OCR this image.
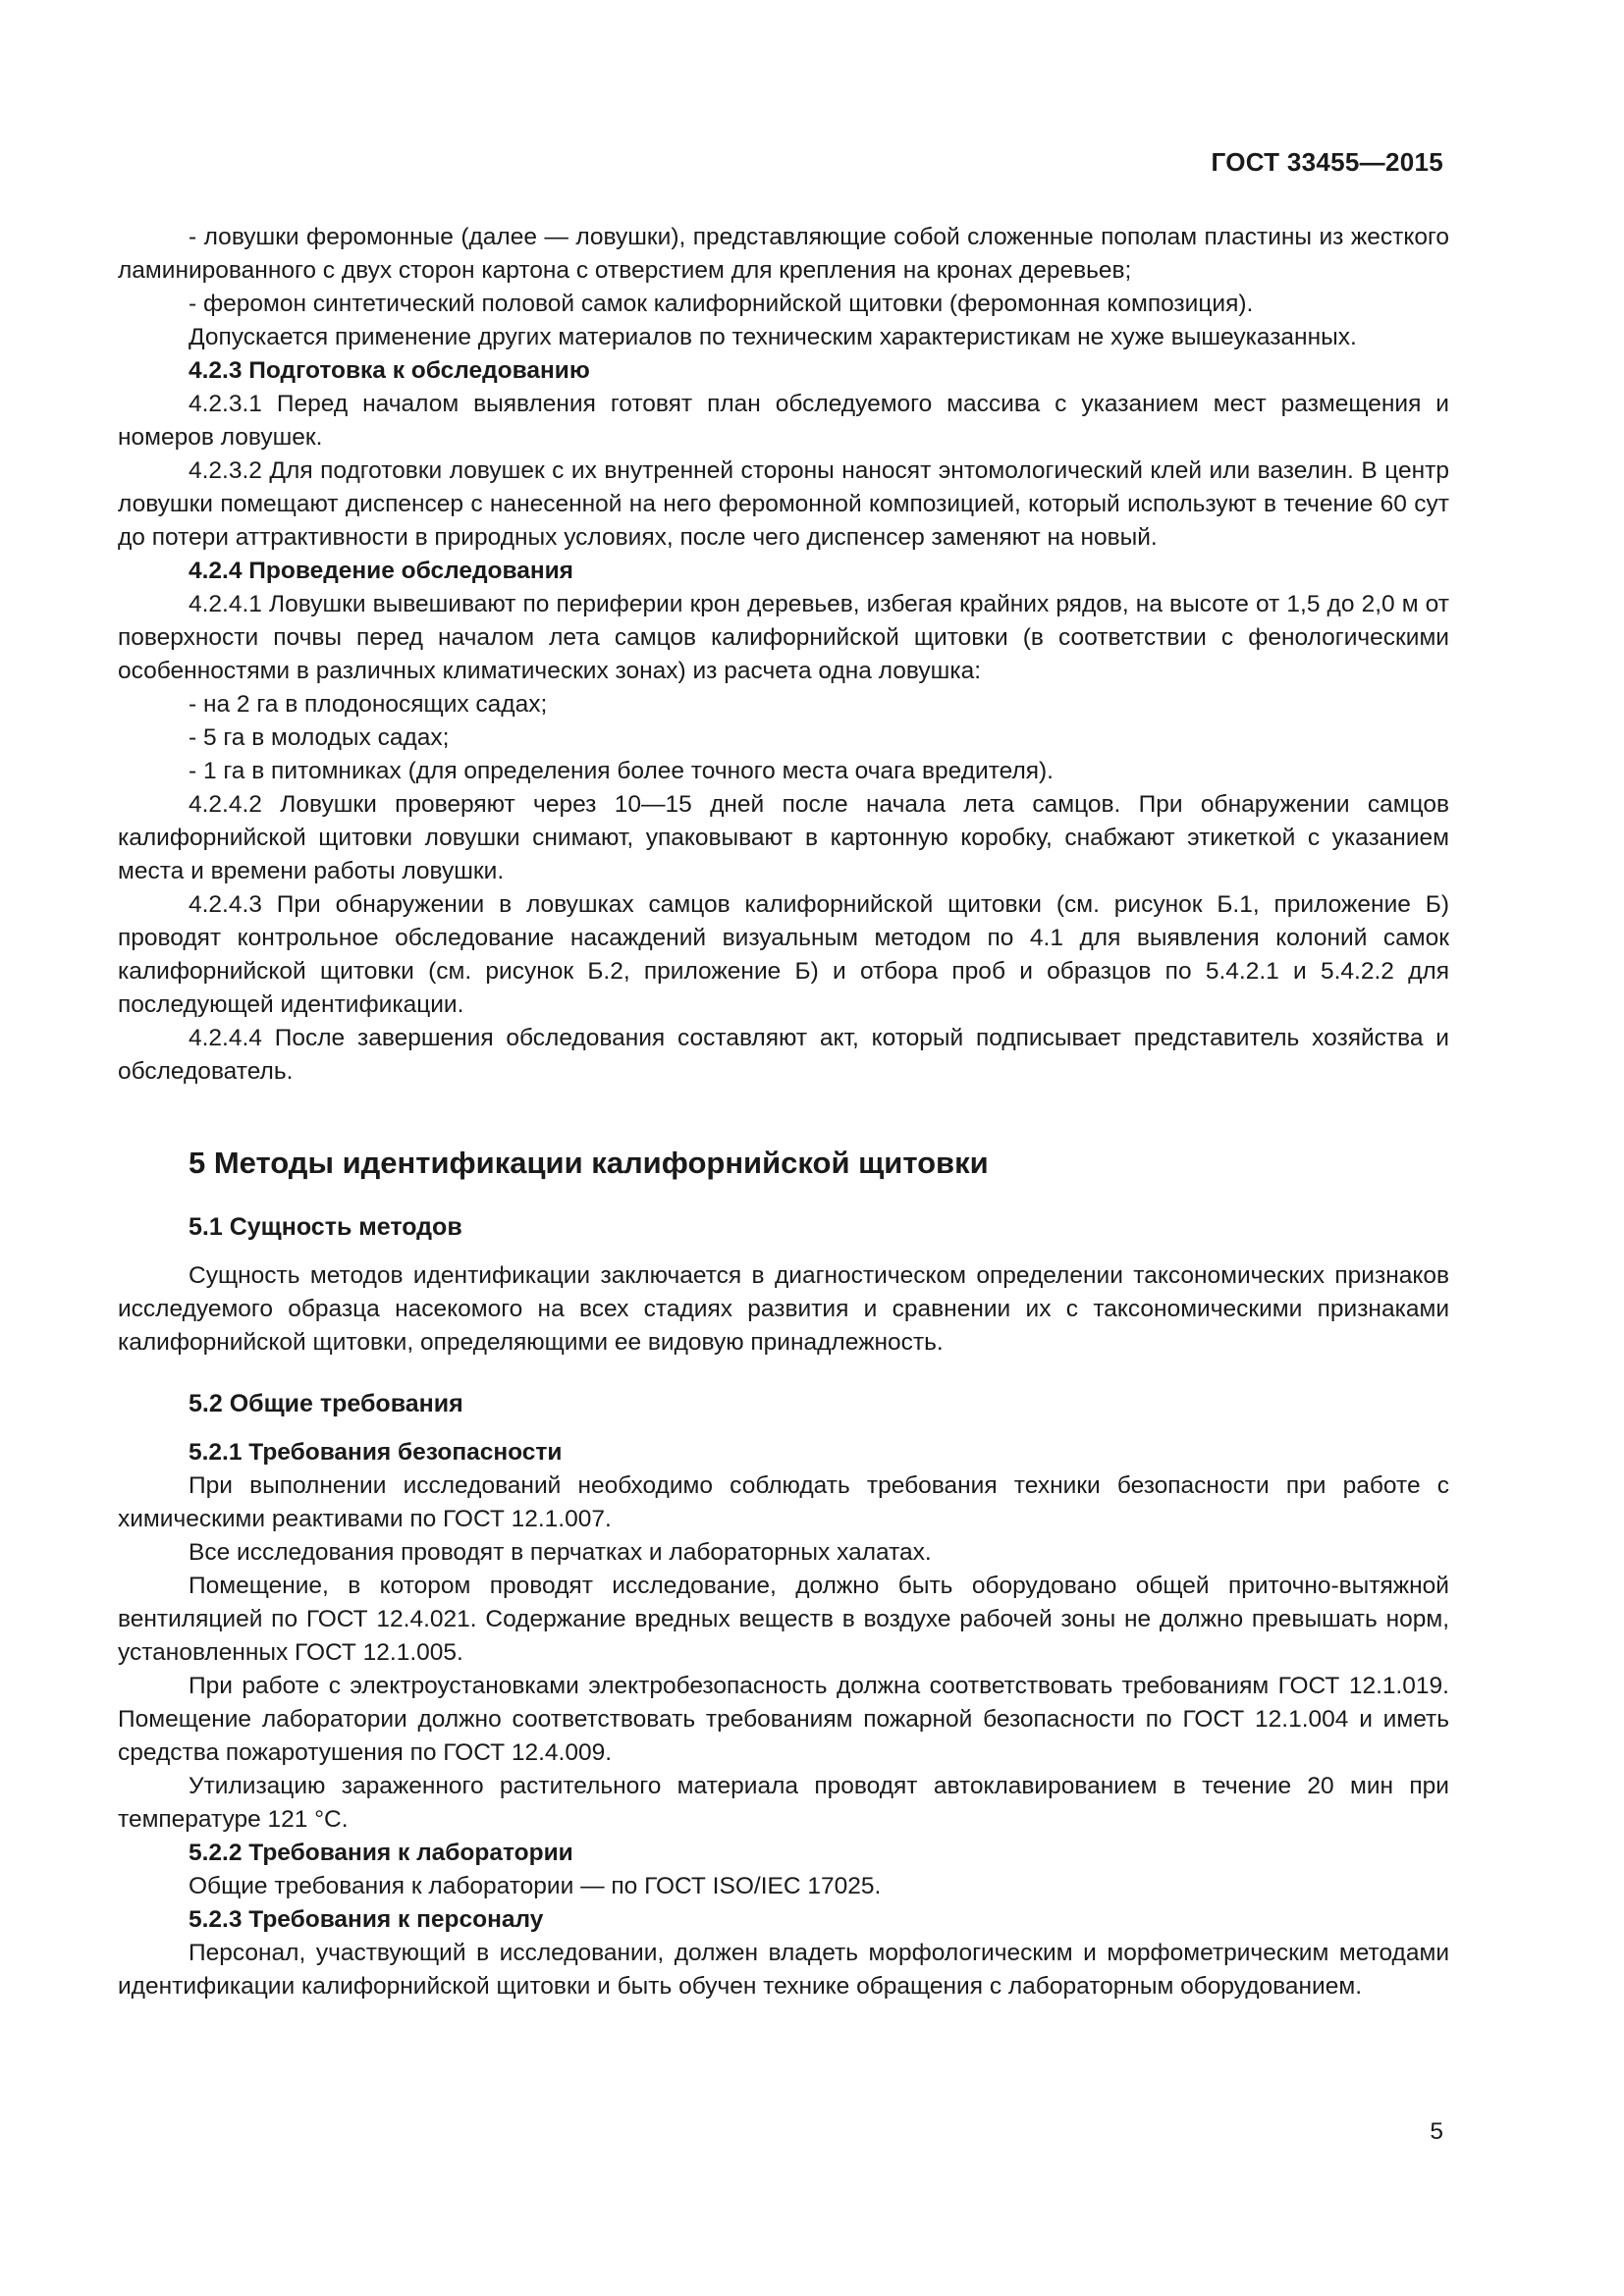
ГОСТ 33455—2015
- ловушки феромонные (далее — ловушки), представляющие собой сложенные пополам пластины из жесткого ламинированного с двух сторон картона с отверстием для крепления на кронах деревьев;
- феромон синтетический половой самок калифорнийской щитовки (феромонная композиция).
Допускается применение других материалов по техническим характеристикам не хуже вышеуказанных.
4.2.3 Подготовка к обследованию
4.2.3.1 Перед началом выявления готовят план обследуемого массива с указанием мест размещения и номеров ловушек.
4.2.3.2 Для подготовки ловушек с их внутренней стороны наносят энтомологический клей или вазелин. В центр ловушки помещают диспенсер с нанесенной на него феромонной композицией, который используют в течение 60 сут до потери аттрактивности в природных условиях, после чего диспенсер заменяют на новый.
4.2.4 Проведение обследования
4.2.4.1 Ловушки вывешивают по периферии крон деревьев, избегая крайних рядов, на высоте от 1,5 до 2,0 м от поверхности почвы перед началом лета самцов калифорнийской щитовки (в соответствии с фенологическими особенностями в различных климатических зонах) из расчета одна ловушка:
- на 2 га в плодоносящих садах;
- 5 га в молодых садах;
- 1 га в питомниках (для определения более точного места очага вредителя).
4.2.4.2 Ловушки проверяют через 10—15 дней после начала лета самцов. При обнаружении самцов калифорнийской щитовки ловушки снимают, упаковывают в картонную коробку, снабжают этикеткой с указанием места и времени работы ловушки.
4.2.4.3 При обнаружении в ловушках самцов калифорнийской щитовки (см. рисунок Б.1, приложение Б) проводят контрольное обследование насаждений визуальным методом по 4.1 для выявления колоний самок калифорнийской щитовки (см. рисунок Б.2, приложение Б) и отбора проб и образцов по 5.4.2.1 и 5.4.2.2 для последующей идентификации.
4.2.4.4 После завершения обследования составляют акт, который подписывает представитель хозяйства и обследователь.
5 Методы идентификации калифорнийской щитовки
5.1 Сущность методов
Сущность методов идентификации заключается в диагностическом определении таксономических признаков исследуемого образца насекомого на всех стадиях развития и сравнении их с таксономическими признаками калифорнийской щитовки, определяющими ее видовую принадлежность.
5.2 Общие требования
5.2.1 Требования безопасности
При выполнении исследований необходимо соблюдать требования техники безопасности при работе с химическими реактивами по ГОСТ 12.1.007.
Все исследования проводят в перчатках и лабораторных халатах.
Помещение, в котором проводят исследование, должно быть оборудовано общей приточно-вытяжной вентиляцией по ГОСТ 12.4.021. Содержание вредных веществ в воздухе рабочей зоны не должно превышать норм, установленных ГОСТ 12.1.005.
При работе с электроустановками электробезопасность должна соответствовать требованиям ГОСТ 12.1.019. Помещение лаборатории должно соответствовать требованиям пожарной безопасности по ГОСТ 12.1.004 и иметь средства пожаротушения по ГОСТ 12.4.009.
Утилизацию зараженного растительного материала проводят автоклавированием в течение 20 мин при температуре 121 °С.
5.2.2 Требования к лаборатории
Общие требования к лаборатории — по ГОСТ ISO/IEC 17025.
5.2.3 Требования к персоналу
Персонал, участвующий в исследовании, должен владеть морфологическим и морфометрическим методами идентификации калифорнийской щитовки и быть обучен технике обращения с лабораторным оборудованием.
5
